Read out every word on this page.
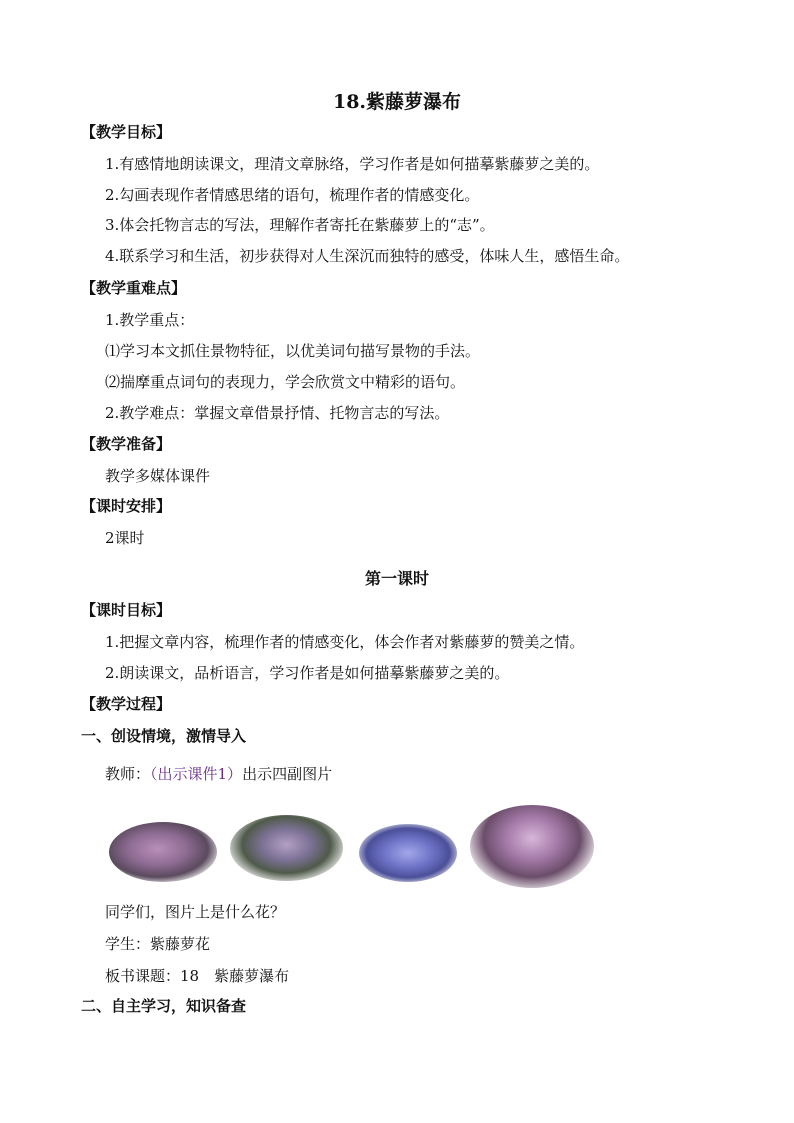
18.紫藤萝瀑布
【教学目标】
1.有感情地朗读课文，理清文章脉络，学习作者是如何描摹紫藤萝之美的。
2.勾画表现作者情感思绪的语句，梳理作者的情感变化。
3.体会托物言志的写法，理解作者寄托在紫藤萝上的“志”。
4.联系学习和生活，初步获得对人生深沉而独特的感受，体味人生，感悟生命。
【教学重难点】
1.教学重点：
⑴学习本文抓住景物特征，以优美词句描写景物的手法。
⑵揣摩重点词句的表现力，学会欣赏文中精彩的语句。
2.教学难点：掌握文章借景抒情、托物言志的写法。
【教学准备】
教学多媒体课件
【课时安排】
2课时
第一课时
【课时目标】
1.把握文章内容，梳理作者的情感变化，体会作者对紫藤萝的赞美之情。
2.朗读课文，品析语言，学习作者是如何描摹紫藤萝之美的。
【教学过程】
一、创设情境，激情导入
教师：（出示课件1）出示四副图片
同学们，图片上是什么花？
学生：紫藤萝花
板书课题：18　紫藤萝瀑布
二、自主学习，知识备查
